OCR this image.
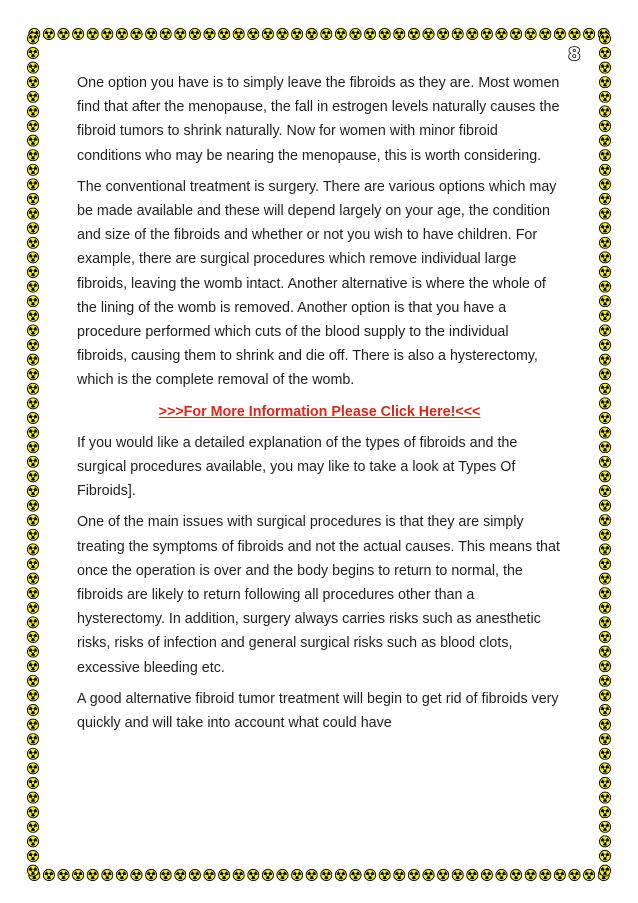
8

One option you have is to simply leave the fibroids as they are. Most women find that after the menopause, the fall in estrogen levels naturally causes the fibroid tumors to shrink naturally. Now for women with minor fibroid conditions who may be nearing the menopause, this is worth considering.

The conventional treatment is surgery. There are various options which may be made available and these will depend largely on your age, the condition and size of the fibroids and whether or not you wish to have children. For example, there are surgical procedures which remove individual large fibroids, leaving the womb intact. Another alternative is where the whole of the lining of the womb is removed. Another option is that you have a procedure performed which cuts of the blood supply to the individual fibroids, causing them to shrink and die off. There is also a hysterectomy, which is the complete removal of the womb.

>>>For More Information Please Click Here!<<<

If you would like a detailed explanation of the types of fibroids and the surgical procedures available, you may like to take a look at Types Of Fibroids].

One of the main issues with surgical procedures is that they are simply treating the symptoms of fibroids and not the actual causes. This means that once the operation is over and the body begins to return to normal, the fibroids are likely to return following all procedures other than a hysterectomy. In addition, surgery always carries risks such as anesthetic risks, risks of infection and general surgical risks such as blood clots, excessive bleeding etc.

A good alternative fibroid tumor treatment will begin to get rid of fibroids very quickly and will take into account what could have
